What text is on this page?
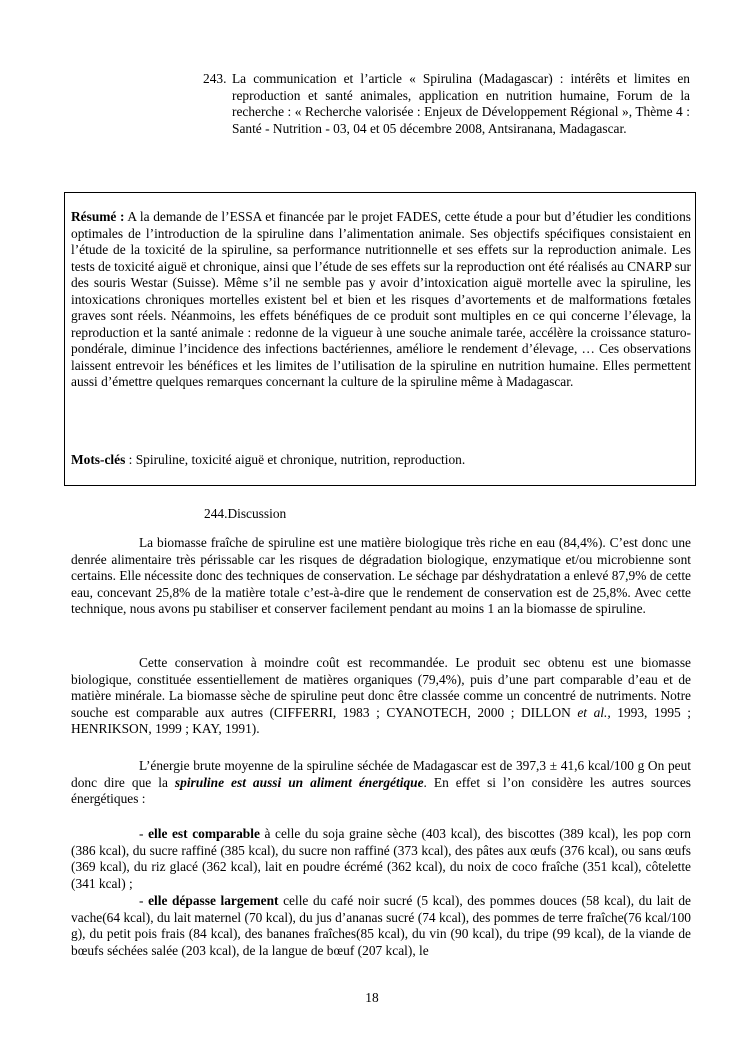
243. La communication et l’article « Spirulina (Madagascar) : intérêts et limites en reproduction et santé animales, application en nutrition humaine, Forum de la recherche : « Recherche valorisée : Enjeux de Développement Régional », Thème 4 : Santé - Nutrition - 03, 04 et 05 décembre 2008, Antsiranana, Madagascar.
Résumé : A la demande de l’ESSA et financée par le projet FADES, cette étude a pour but d’étudier les conditions optimales de l’introduction de la spiruline dans l’alimentation animale. Ses objectifs spécifiques consistaient en l’étude de la toxicité de la spiruline, sa performance nutritionnelle et ses effets sur la reproduction animale. Les tests de toxicité aiguë et chronique, ainsi que l’étude de ses effets sur la reproduction ont été réalisés au CNARP sur des souris Westar (Suisse). Même s’il ne semble pas y avoir d’intoxication aiguë mortelle avec la spiruline, les intoxications chroniques mortelles existent bel et bien et les risques d’avortements et de malformations fœtales graves sont réels. Néanmoins, les effets bénéfiques de ce produit sont multiples en ce qui concerne l’élevage, la reproduction et la santé animale : redonne de la vigueur à une souche animale tarée, accélère la croissance staturo-pondérale, diminue l’incidence des infections bactériennes, améliore le rendement d’élevage, … Ces observations laissent entrevoir les bénéfices et les limites de l’utilisation de la spiruline en nutrition humaine. Elles permettent aussi d’émettre quelques remarques concernant la culture de la spiruline même à Madagascar.
Mots-clés : Spiruline, toxicité aiguë et chronique, nutrition, reproduction.
244.Discussion
La biomasse fraîche de spiruline est une matière biologique très riche en eau (84,4%). C’est donc une denrée alimentaire très périssable car les risques de dégradation biologique, enzymatique et/ou microbienne sont certains. Elle nécessite donc des techniques de conservation. Le séchage par déshydratation a enlevé 87,9% de cette eau, concevant 25,8% de la matière totale c’est-à-dire que le rendement de conservation est de 25,8%. Avec cette technique, nous avons pu stabiliser et conserver facilement pendant au moins 1 an la biomasse de spiruline.
Cette conservation à moindre coût est recommandée. Le produit sec obtenu est une biomasse biologique, constituée essentiellement de matières organiques (79,4%), puis d’une part comparable d’eau et de matière minérale. La biomasse sèche de spiruline peut donc être classée comme un concentré de nutriments. Notre souche est comparable aux autres (CIFFERRI, 1983 ; CYANOTECH, 2000 ; DILLON et al., 1993, 1995 ; HENRIKSON, 1999 ; KAY, 1991).
L’énergie brute moyenne de la spiruline séchée de Madagascar est de 397,3 ± 41,6 kcal/100 g On peut donc dire que la spiruline est aussi un aliment énergétique. En effet si l’on considère les autres sources énergétiques :
- elle est comparable à celle du soja graine sèche (403 kcal), des biscottes (389 kcal), les pop corn (386 kcal), du sucre raffiné (385 kcal), du sucre non raffiné (373 kcal), des pâtes aux œufs (376 kcal), ou sans œufs (369 kcal), du riz glacé (362 kcal), lait en poudre écrémé (362 kcal), du noix de coco fraîche (351 kcal), côtelette (341 kcal) ;
- elle dépasse largement celle du café noir sucré (5 kcal), des pommes douces (58 kcal), du lait de vache(64 kcal), du lait maternel (70 kcal), du jus d’ananas sucré (74 kcal), des pommes de terre fraîche(76 kcal/100 g), du petit pois frais (84 kcal), des bananes fraîches(85 kcal), du vin (90 kcal), du tripe (99 kcal), de la viande de bœufs séchées salée (203 kcal), de la langue de bœuf (207 kcal), le
18
